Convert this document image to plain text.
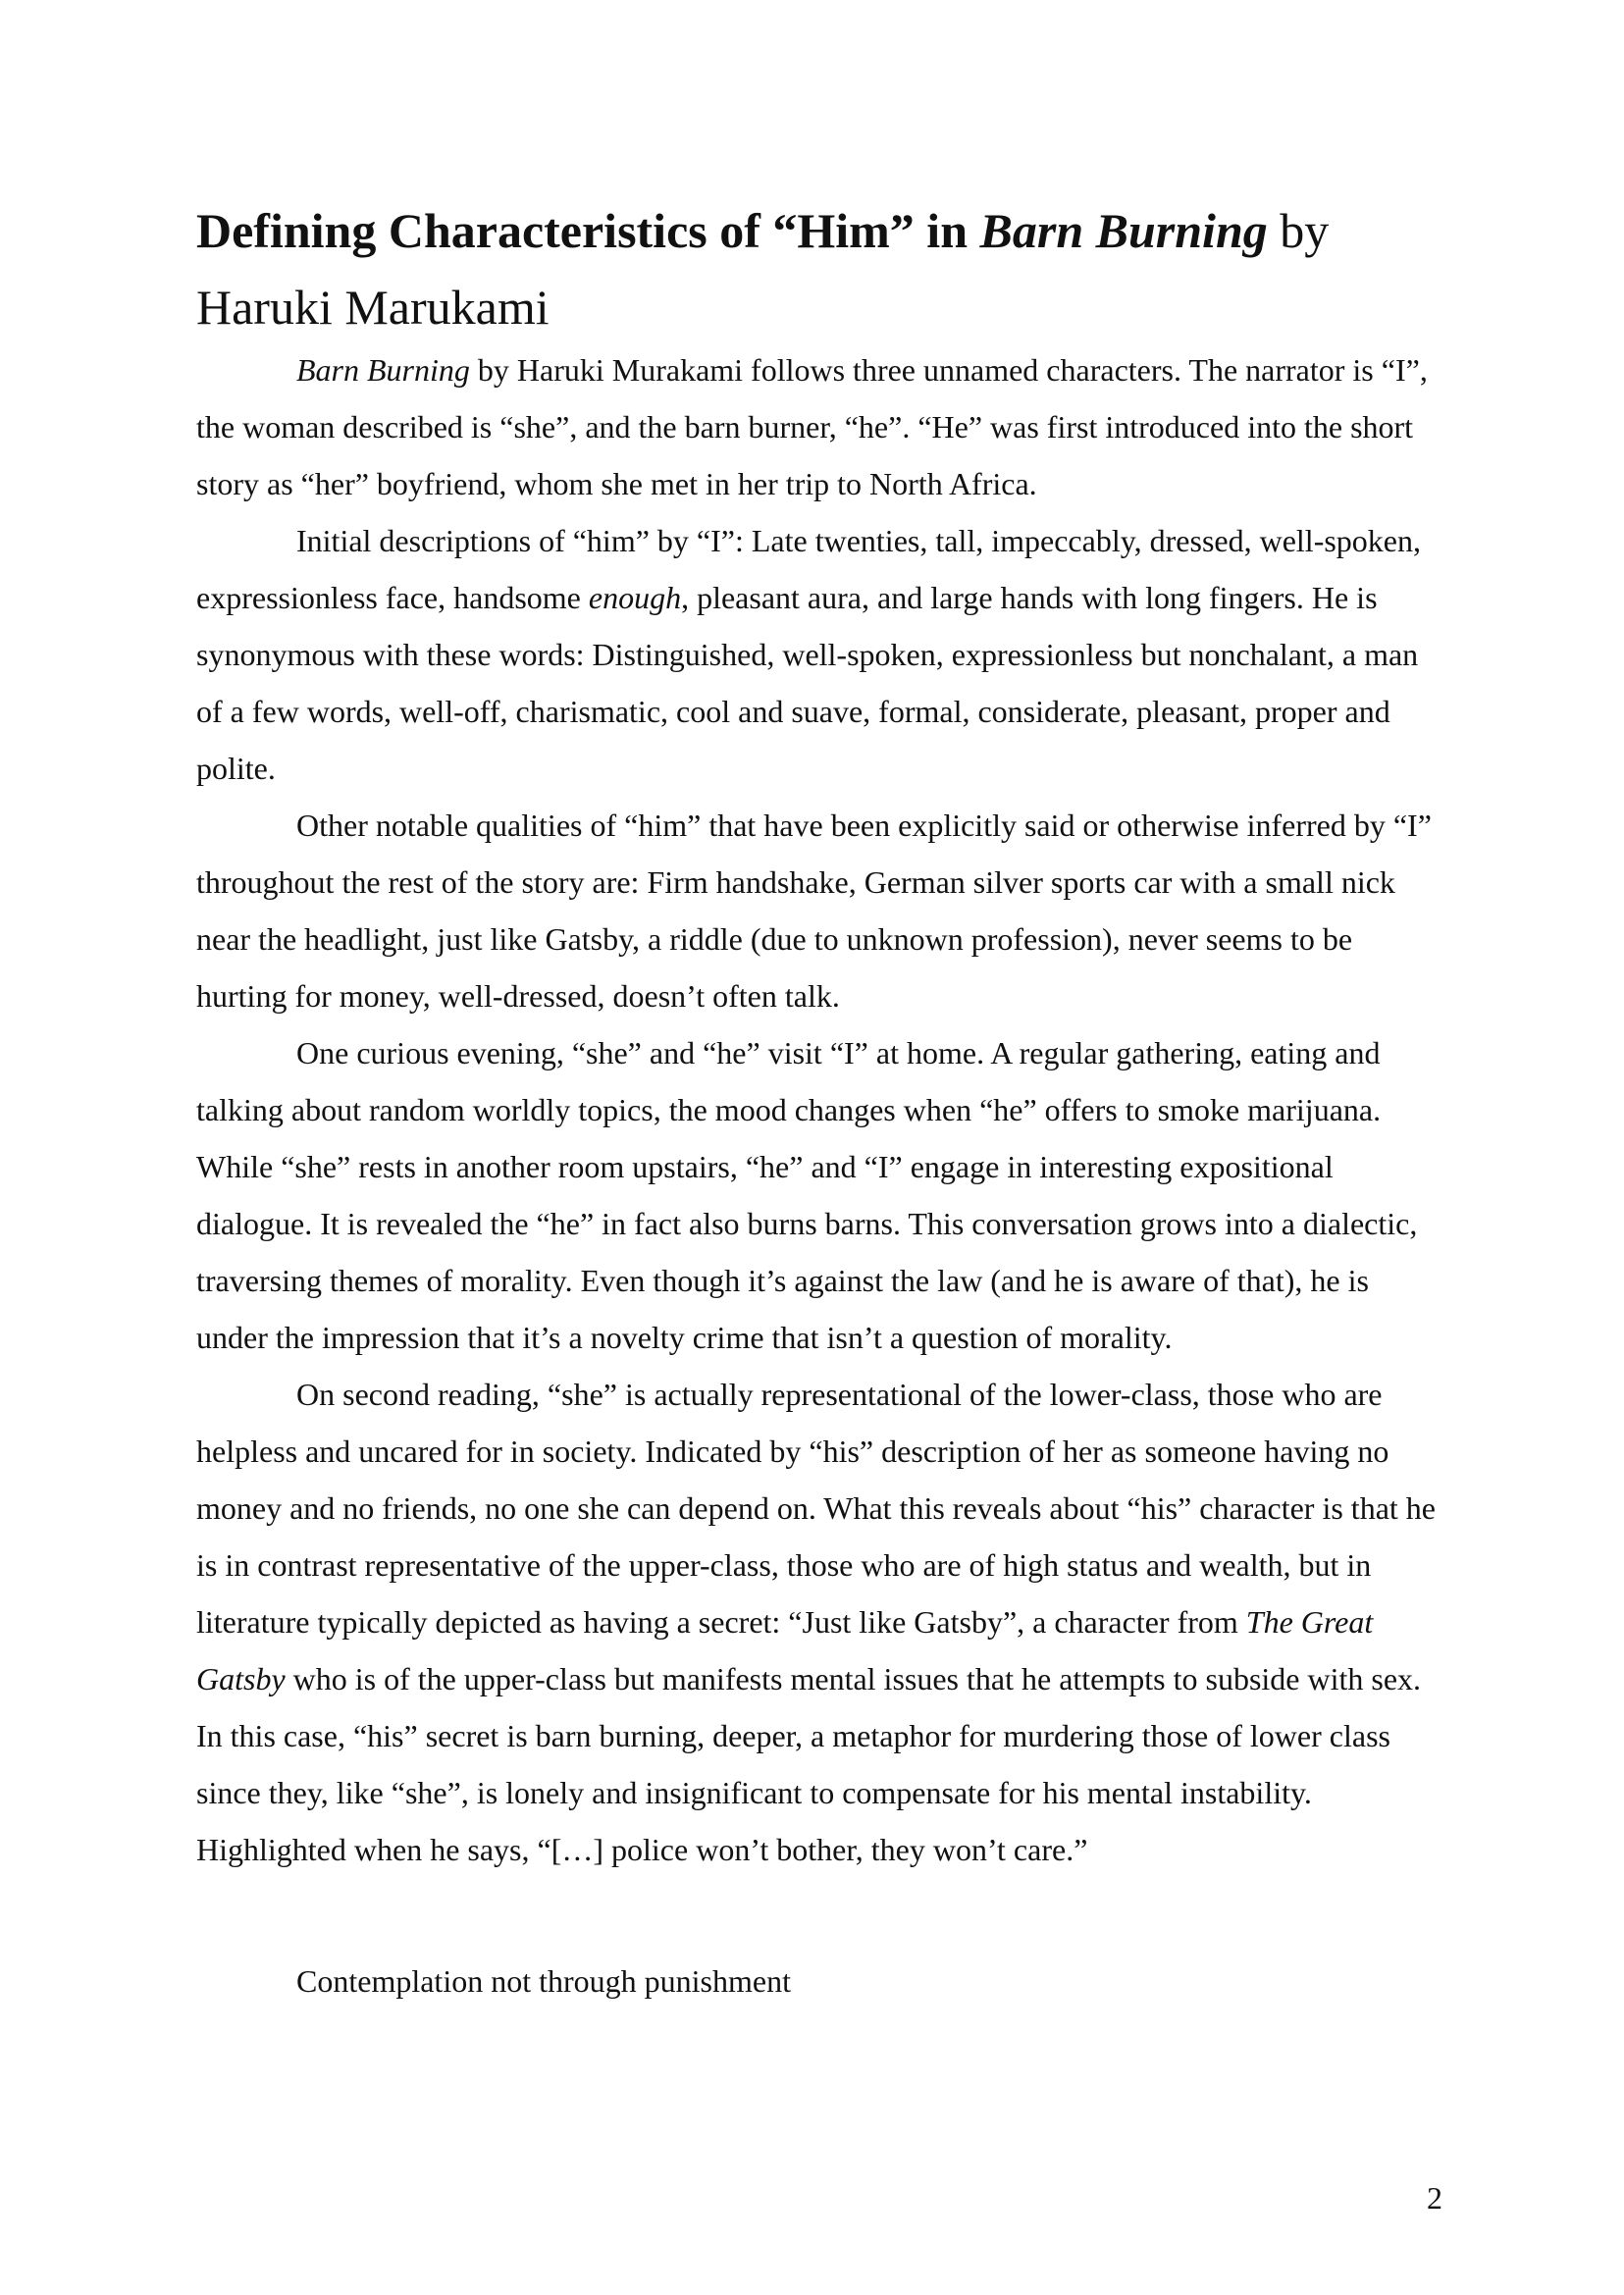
Defining Characteristics of “Him” in Barn Burning by
Haruki Marukami

Barn Burning by Haruki Murakami follows three unnamed characters. The narrator is “I”, the woman described is “she”, and the barn burner, “he”. “He” was first introduced into the short story as “her” boyfriend, whom she met in her trip to North Africa.

Initial descriptions of “him” by “I”: Late twenties, tall, impeccably, dressed, well-spoken, expressionless face, handsome enough, pleasant aura, and large hands with long fingers. He is synonymous with these words: Distinguished, well-spoken, expressionless but nonchalant, a man of a few words, well-off, charismatic, cool and suave, formal, considerate, pleasant, proper and polite.

Other notable qualities of “him” that have been explicitly said or otherwise inferred by “I” throughout the rest of the story are: Firm handshake, German silver sports car with a small nick near the headlight, just like Gatsby, a riddle (due to unknown profession), never seems to be hurting for money, well-dressed, doesn’t often talk.

One curious evening, “she” and “he” visit “I” at home. A regular gathering, eating and talking about random worldly topics, the mood changes when “he” offers to smoke marijuana. While “she” rests in another room upstairs, “he” and “I” engage in interesting expositional dialogue. It is revealed the “he” in fact also burns barns. This conversation grows into a dialectic, traversing themes of morality. Even though it’s against the law (and he is aware of that), he is under the impression that it’s a novelty crime that isn’t a question of morality.

On second reading, “she” is actually representational of the lower-class, those who are helpless and uncared for in society. Indicated by “his” description of her as someone having no money and no friends, no one she can depend on. What this reveals about “his” character is that he is in contrast representative of the upper-class, those who are of high status and wealth, but in literature typically depicted as having a secret: “Just like Gatsby”, a character from The Great Gatsby who is of the upper-class but manifests mental issues that he attempts to subside with sex. In this case, “his” secret is barn burning, deeper, a metaphor for murdering those of lower class since they, like “she”, is lonely and insignificant to compensate for his mental instability. Highlighted when he says, “[…] police won’t bother, they won’t care.”

Contemplation not through punishment

2
